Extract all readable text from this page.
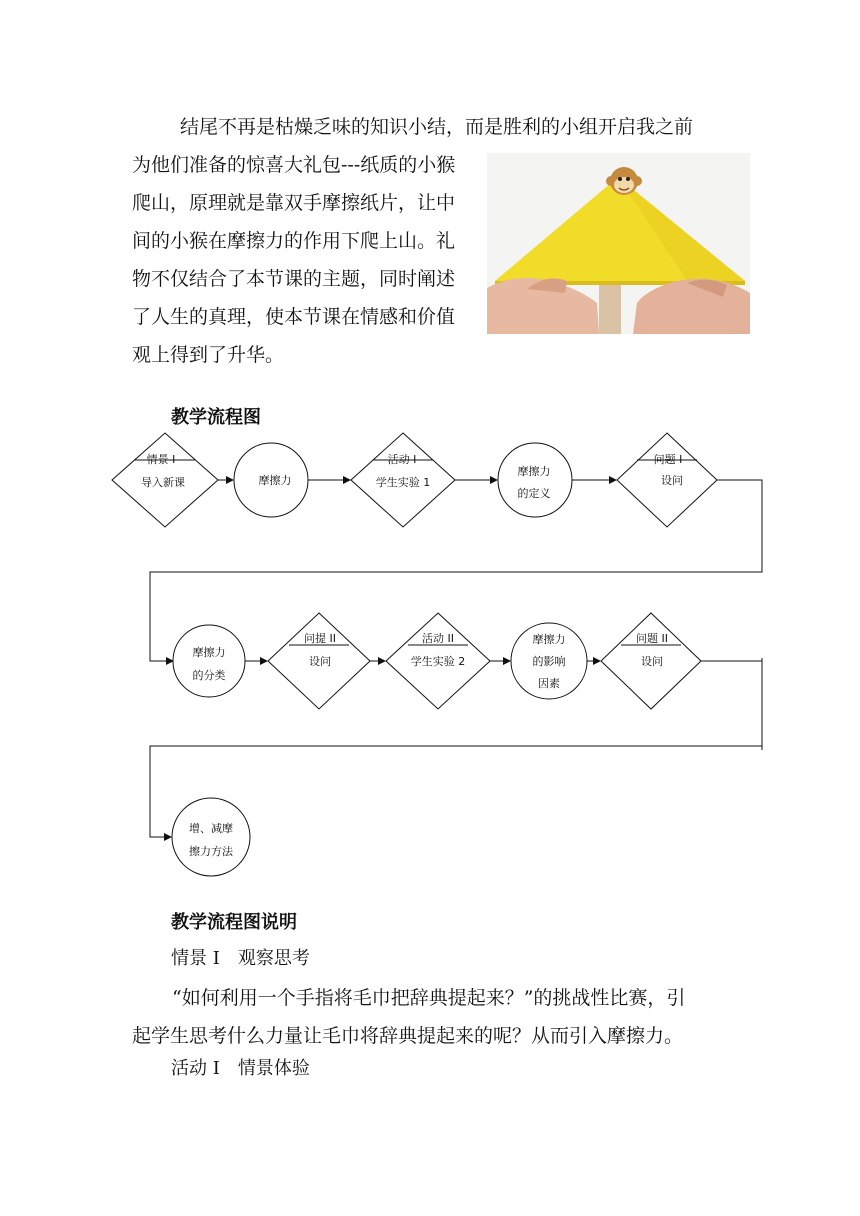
结尾不再是枯燥乏味的知识小结，而是胜利的小组开启我之前
为他们准备的惊喜大礼包---纸质的小猴
爬山，原理就是靠双手摩擦纸片，让中
间的小猴在摩擦力的作用下爬上山。礼
物不仅结合了本节课的主题，同时阐述
了人生的真理，使本节课在情感和价值
观上得到了升华。

教学流程图
情景 I
导入新课	摩擦力
活动 I
学生实验 1
摩擦力
的定义
问题 I
设问
摩擦力
的分类
问提 II
设问
活动 II
学生实验 2
摩擦力
的影响
因素
问题 II
设问
增、减摩
擦力方法
教学流程图说明
情景 I　 观察思考

“如何利用一个手指将毛巾把辞典提起来？”的挑战性比赛，引
起学生思考什么力量让毛巾将辞典提起来的呢？从而引入摩擦力。

活动 I　 情景体验
